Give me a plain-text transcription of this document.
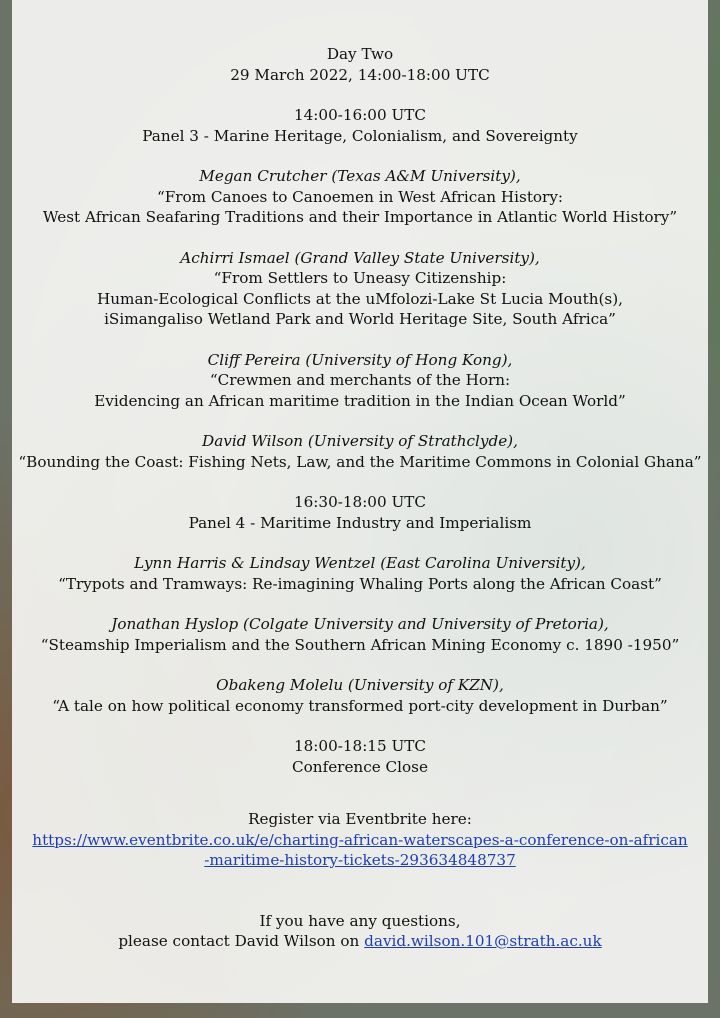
Day Two

29 March 2022, 14:00-18:00 UTC

14:00-16:00 UTC

Panel 3 - Marine Heritage, Colonialism, and Sovereignty

Megan Crutcher (Texas A&M University),

“From Canoes to Canoemen in West African History:

West African Seafaring Traditions and their Importance in Atlantic World History”

Achirri Ismael (Grand Valley State University),

“From Settlers to Uneasy Citizenship:

Human-Ecological Conflicts at the uMfolozi-Lake St Lucia Mouth(s),

iSimangaliso Wetland Park and World Heritage Site, South Africa”

Cliff Pereira (University of Hong Kong),

“Crewmen and merchants of the Horn:

Evidencing an African maritime tradition in the Indian Ocean World”

David Wilson (University of Strathclyde),

“Bounding the Coast: Fishing Nets, Law, and the Maritime Commons in Colonial Ghana”

16:30-18:00 UTC

Panel 4 - Maritime Industry and Imperialism

Lynn Harris & Lindsay Wentzel (East Carolina University),

“Trypots and Tramways: Re-imagining Whaling Ports along the African Coast”

Jonathan Hyslop (Colgate University and University of Pretoria),

“Steamship Imperialism and the Southern African Mining Economy c. 1890 -1950”

Obakeng Molelu (University of KZN),

“A tale on how political economy transformed port-city development in Durban”

18:00-18:15 UTC

Conference Close

Register via Eventbrite here:

https://www.eventbrite.co.uk/e/charting-african-waterscapes-a-conference-on-african

-maritime-history-tickets-293634848737

If you have any questions,

please contact David Wilson on david.wilson.101@strath.ac.uk
